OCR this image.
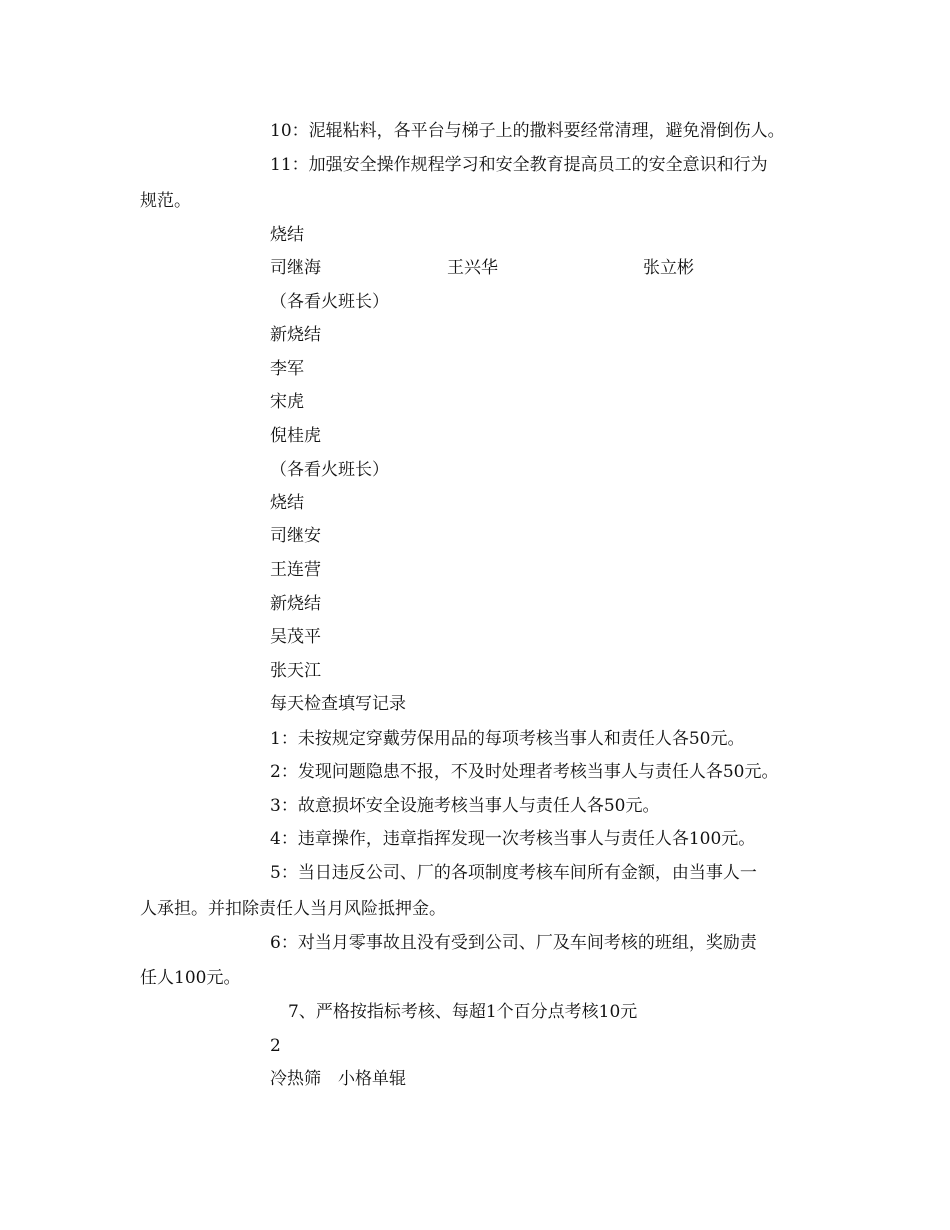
10：泥辊粘料，各平台与梯子上的撒料要经常清理，避免滑倒伤人。
11：加强安全操作规程学习和安全教育提高员工的安全意识和行为
规范。
烧结
司继海	王兴华	张立彬
（各看火班长）
新烧结
李军
宋虎
倪桂虎
（各看火班长）
烧结
司继安
王连营
新烧结
吴茂平
张天江
每天检查填写记录
1：未按规定穿戴劳保用品的每项考核当事人和责任人各50元。
2：发现问题隐患不报，不及时处理者考核当事人与责任人各50元。
3：故意损坏安全设施考核当事人与责任人各50元。
4：违章操作，违章指挥发现一次考核当事人与责任人各100元。
5：当日违反公司、厂的各项制度考核车间所有金额，由当事人一
人承担。并扣除责任人当月风险抵押金。
6：对当月零事故且没有受到公司、厂及车间考核的班组，奖励责
任人100元。
7、严格按指标考核、每超1个百分点考核10元
2
冷热筛　小格单辊
